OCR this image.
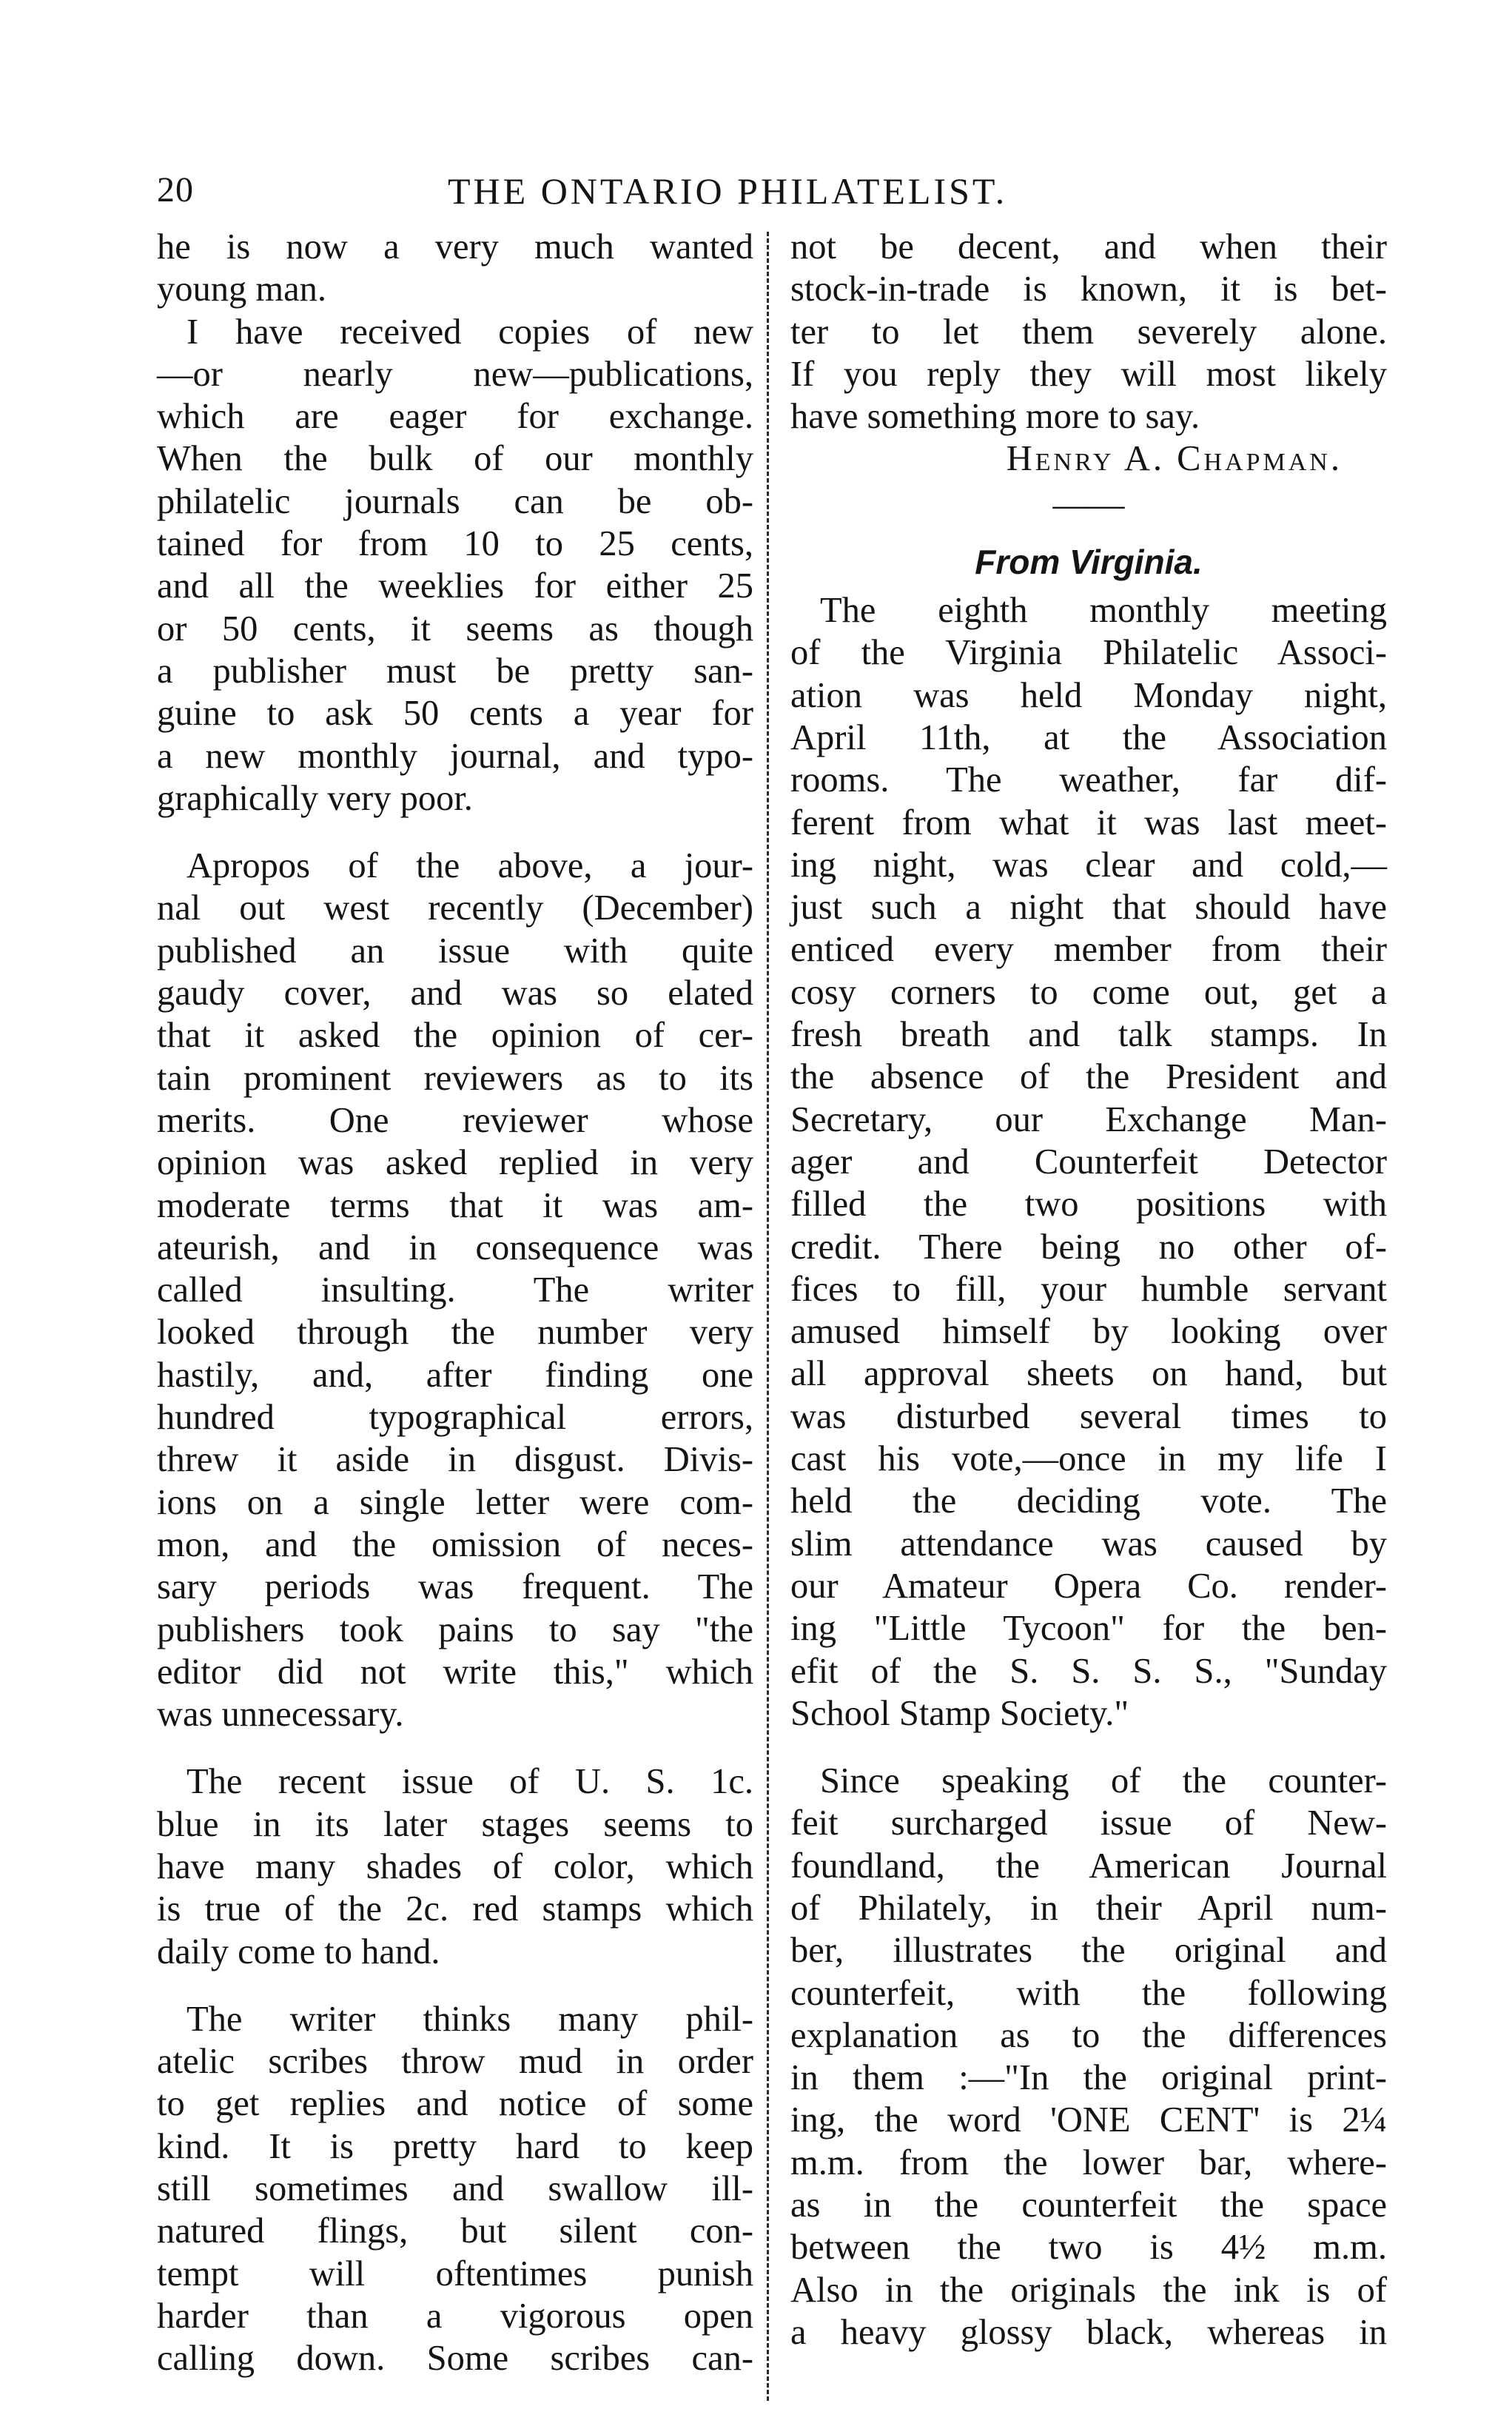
20	THE ONTARIO PHILATELIST.
he is now a very much wanted
young man.
I have received copies of new
—or nearly new—publications,
which are eager for exchange.
When the bulk of our monthly
philatelic journals can be ob-
tained for from 10 to 25 cents,
and all the weeklies for either 25
or 50 cents, it seems as though
a publisher must be pretty san-
guine to ask 50 cents a year for
a new monthly journal, and typo-
graphically very poor.
Apropos of the above, a jour-
nal out west recently (December)
published an issue with quite
gaudy cover, and was so elated
that it asked the opinion of cer-
tain prominent reviewers as to its
merits. One reviewer whose
opinion was asked replied in very
moderate terms that it was am-
ateurish, and in consequence was
called insulting. The writer
looked through the number very
hastily, and, after finding one
hundred typographical errors,
threw it aside in disgust. Divis-
ions on a single letter were com-
mon, and the omission of neces-
sary periods was frequent. The
publishers took pains to say "the
editor did not write this," which
was unnecessary.
The recent issue of U. S. 1c.
blue in its later stages seems to
have many shades of color, which
is true of the 2c. red stamps which
daily come to hand.
The writer thinks many phil-
atelic scribes throw mud in order
to get replies and notice of some
kind. It is pretty hard to keep
still sometimes and swallow ill-
natured flings, but silent con-
tempt will oftentimes punish
harder than a vigorous open
calling down. Some scribes can-
not be decent, and when their
stock-in-trade is known, it is bet-
ter to let them severely alone.
If you reply they will most likely
have something more to say.
Henry A. Chapman.
——
From Virginia.
The eighth monthly meeting
of the Virginia Philatelic Associ-
ation was held Monday night,
April 11th, at the Association
rooms. The weather, far dif-
ferent from what it was last meet-
ing night, was clear and cold,—
just such a night that should have
enticed every member from their
cosy corners to come out, get a
fresh breath and talk stamps. In
the absence of the President and
Secretary, our Exchange Man-
ager and Counterfeit Detector
filled the two positions with
credit. There being no other of-
fices to fill, your humble servant
amused himself by looking over
all approval sheets on hand, but
was disturbed several times to
cast his vote,—once in my life I
held the deciding vote. The
slim attendance was caused by
our Amateur Opera Co. render-
ing "Little Tycoon" for the ben-
efit of the S. S. S. S., "Sunday
School Stamp Society."
Since speaking of the counter-
feit surcharged issue of New-
foundland, the American Journal
of Philately, in their April num-
ber, illustrates the original and
counterfeit, with the following
explanation as to the differences
in them :—"In the original print-
ing, the word 'ONE CENT' is 2¼
m.m. from the lower bar, where-
as in the counterfeit the space
between the two is 4½ m.m.
Also in the originals the ink is of
a heavy glossy black, whereas in
